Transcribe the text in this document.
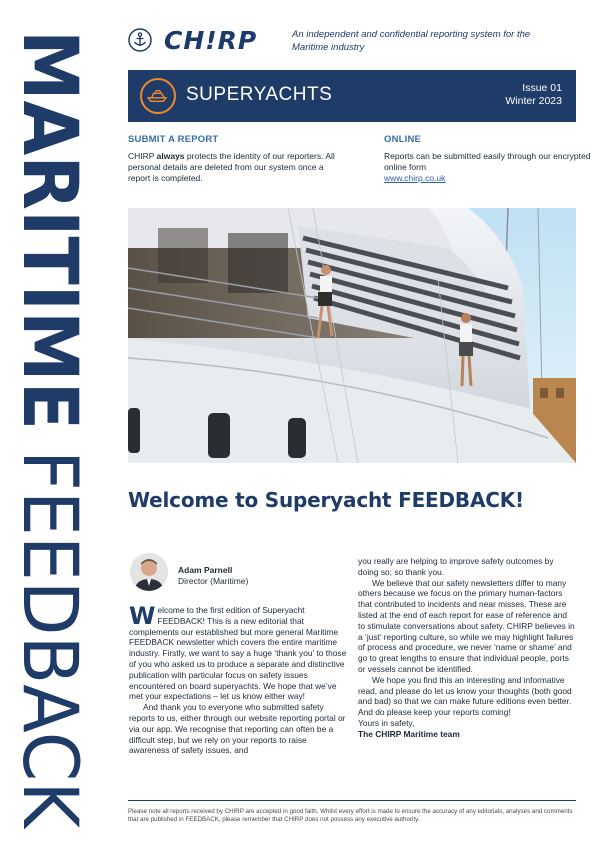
MARITIME
FEEDBACK
CH!RP	An independent and confidential reporting system for the Maritime industry
SUPERYACHTS	Issue 01
Winter 2023
SUBMIT A REPORT
CHIRP always protects the identity of our reporters. All personal details are deleted from our system once a report is completed.
ONLINE
Reports can be submitted easily through our encrypted online form
www.chirp.co.uk
Welcome to Superyacht FEEDBACK!
Adam Parnell
Director (Maritime)

Welcome to the first edition of Superyacht FEEDBACK! This is a new editorial that complements our established but more general Maritime FEEDBACK newsletter which covers the entire maritime industry. Firstly, we want to say a huge ‘thank you’ to those of you who asked us to produce a separate and distinctive publication with particular focus on safety issues encountered on board superyachts. We hope that we’ve met your expectations – let us know either way!

And thank you to everyone who submitted safety reports to us, either through our website reporting portal or via our app. We recognise that reporting can often be a difficult step, but we rely on your reports to raise awareness of safety issues, and

you really are helping to improve safety outcomes by doing so; so thank you.

We believe that our safety newsletters differ to many others because we focus on the primary human-factors that contributed to incidents and near misses. These are listed at the end of each report for ease of reference and to stimulate conversations about safety. CHIRP believes in a ‘just’ reporting culture, so while we may highlight failures of process and procedure, we never ‘name or shame’ and go to great lengths to ensure that individual people, ports or vessels cannot be identified.

We hope you find this an interesting and informative read, and please do let us know your thoughts (both good and bad) so that we can make future editions even better. And do please keep your reports coming!

Yours in safety,

The CHIRP Maritime team

Please note all reports received by CHIRP are accepted in good faith. Whilst every effort is made to ensure the accuracy of any editorials, analyses and comments that are published in FEEDBACK, please remember that CHIRP does not possess any executive authority.
